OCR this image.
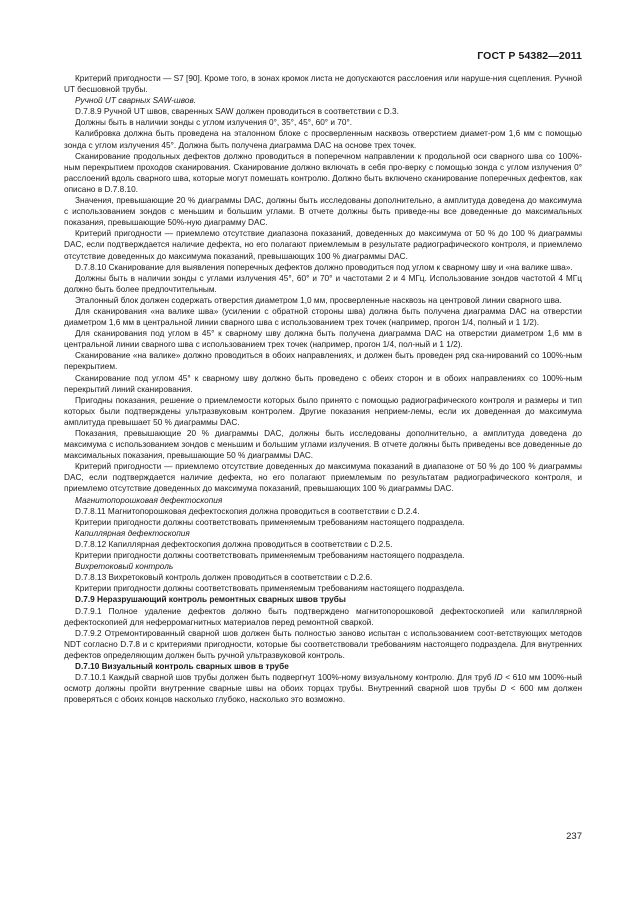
ГОСТ Р 54382—2011

Критерий пригодности — S7 [90]. Кроме того, в зонах кромок листа не допускаются расслоения или наруше-ния сцепления. Ручной UT бесшовной трубы.

Ручной UT сварных SAW-швов.

D.7.8.9 Ручной UT швов, сваренных SAW должен проводиться в соответствии с D.3.

Должны быть в наличии зонды с углом излучения 0°, 35°, 45°, 60° и 70°.

Калибровка должна быть проведена на эталонном блоке с просверленным насквозь отверстием диамет-ром 1,6 мм с помощью зонда с углом излучения 45°. Должна быть получена диаграмма DAC на основе трех точек.

Сканирование продольных дефектов должно проводиться в поперечном направлении к продольной оси сварного шва со 100%-ным перекрытием проходов сканирования. Сканирование должно включать в себя про-верку с помощью зонда с углом излучения 0° расслоений вдоль сварного шва, которые могут помешать контролю. Должно быть включено сканирование поперечных дефектов, как описано в D.7.8.10.

Значения, превышающие 20 % диаграммы DAC, должны быть исследованы дополнительно, а амплитуда доведена до максимума с использованием зондов с меньшим и большим углами. В отчете должны быть приведе-ны все доведенные до максимальных показания, превышающие 50%-ную диаграмму DAC.

Критерий пригодности — приемлемо отсутствие диапазона показаний, доведенных до максимума от 50 % до 100 % диаграммы DAC, если подтверждается наличие дефекта, но его полагают приемлемым в результате радиографического контроля, и приемлемо отсутствие доведенных до максимума показаний, превышающих 100 % диаграммы DAC.

D.7.8.10 Сканирование для выявления поперечных дефектов должно проводиться под углом к сварному шву и «на валике шва».

Должны быть в наличии зонды с углами излучения 45°, 60° и 70° и частотами 2 и 4 МГц. Использование зондов частотой 4 МГц должно быть более предпочтительным.

Эталонный блок должен содержать отверстия диаметром 1,0 мм, просверленные насквозь на центровой линии сварного шва.

Для сканирования «на валике шва» (усилении с обратной стороны шва) должна быть получена диаграмма DAC на отверстии диаметром 1,6 мм в центральной линии сварного шва с использованием трех точек (например, прогон 1/4, полный и 1 1/2).

Для сканирования под углом в 45° к сварному шву должна быть получена диаграмма DAC на отверстии диаметром 1,6 мм в центральной линии сварного шва с использованием трех точек (например, прогон 1/4, пол-ный и 1 1/2).

Сканирование «на валике» должно проводиться в обоих направлениях, и должен быть проведен ряд ска-нирований со 100%-ным перекрытием.

Сканирование под углом 45° к сварному шву должно быть проведено с обеих сторон и в обоих направлениях со 100%-ным перекрытий линий сканирования.

Пригодны показания, решение о приемлемости которых было принято с помощью радиографического контроля и размеры и тип которых были подтверждены ультразвуковым контролем. Другие показания неприем-лемы, если их доведенная до максимума амплитуда превышает 50 % диаграммы DAC.

Показания, превышающие 20 % диаграммы DAC, должны быть исследованы дополнительно, а амплитуда доведена до максимума с использованием зондов с меньшим и большим углами излучения. В отчете должны быть приведены все доведенные до максимальных показания, превышающие 50 % диаграммы DAC.

Критерий пригодности — приемлемо отсутствие доведенных до максимума показаний в диапазоне от 50 % до 100 % диаграммы DAC, если подтверждается наличие дефекта, но его полагают приемлемым по результатам радиографического контроля, и приемлемо отсутствие доведенных до максимума показаний, превышающих 100 % диаграммы DAC.

Магнитопорошковая дефектоскопия

D.7.8.11 Магнитопорошковая дефектоскопия должна проводиться в соответствии с D.2.4.

Критерии пригодности должны соответствовать применяемым требованиям настоящего подраздела.

Капиллярная дефектоскопия

D.7.8.12 Капиллярная дефектоскопия должна проводиться в соответствии с D.2.5.

Критерии пригодности должны соответствовать применяемым требованиям настоящего подраздела.

Вихретоковый контроль

D.7.8.13 Вихретоковый контроль должен проводиться в соответствии с D.2.6.

Критерии пригодности должны соответствовать применяемым требованиям настоящего подраздела.

D.7.9 Неразрушающий контроль ремонтных сварных швов трубы

D.7.9.1 Полное удаление дефектов должно быть подтверждено магнитопорошковой дефектоскопией или капиллярной дефектоскопией для неферромагнитных материалов перед ремонтной сваркой.

D.7.9.2 Отремонтированный сварной шов должен быть полностью заново испытан с использованием соот-ветствующих методов NDT согласно D.7.8 и с критериями пригодности, которые бы соответствовали требованиям настоящего подраздела. Для внутренних дефектов определяющим должен быть ручной ультразвуковой контроль.

D.7.10 Визуальный контроль сварных швов в трубе

D.7.10.1 Каждый сварной шов трубы должен быть подвергнут 100%-ному визуальному контролю. Для труб ID < 610 мм 100%-ный осмотр должны пройти внутренние сварные швы на обоих торцах трубы. Внутренний сварной шов трубы D < 600 мм должен проверяться с обоих концов насколько глубоко, насколько это возможно.

237
